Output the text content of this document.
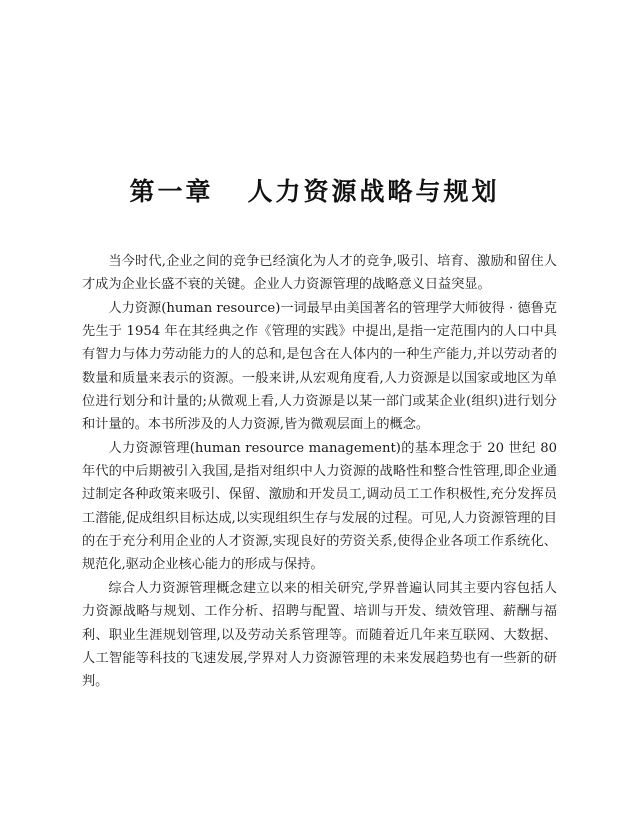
第一章 人力资源战略与规划

当今时代,企业之间的竞争已经演化为人才的竞争,吸引、培育、激励和留住人才成为企业长盛不衰的关键。企业人力资源管理的战略意义日益突显。

人力资源(human resource)一词最早由美国著名的管理学大师彼得 · 德鲁克先生于 1954 年在其经典之作《管理的实践》中提出,是指一定范围内的人口中具有智力与体力劳动能力的人的总和,是包含在人体内的一种生产能力,并以劳动者的数量和质量来表示的资源。一般来讲,从宏观角度看,人力资源是以国家或地区为单位进行划分和计量的;从微观上看,人力资源是以某一部门或某企业(组织)进行划分和计量的。本书所涉及的人力资源,皆为微观层面上的概念。

人力资源管理(human resource management)的基本理念于 20 世纪 80 年代的中后期被引入我国,是指对组织中人力资源的战略性和整合性管理,即企业通过制定各种政策来吸引、保留、激励和开发员工,调动员工工作积极性,充分发挥员工潜能,促成组织目标达成,以实现组织生存与发展的过程。可见,人力资源管理的目的在于充分利用企业的人才资源,实现良好的劳资关系,使得企业各项工作系统化、规范化,驱动企业核心能力的形成与保持。

综合人力资源管理概念建立以来的相关研究,学界普遍认同其主要内容包括人力资源战略与规划、工作分析、招聘与配置、培训与开发、绩效管理、薪酬与福利、职业生涯规划管理,以及劳动关系管理等。而随着近几年来互联网、大数据、人工智能等科技的飞速发展,学界对人力资源管理的未来发展趋势也有一些新的研判。
